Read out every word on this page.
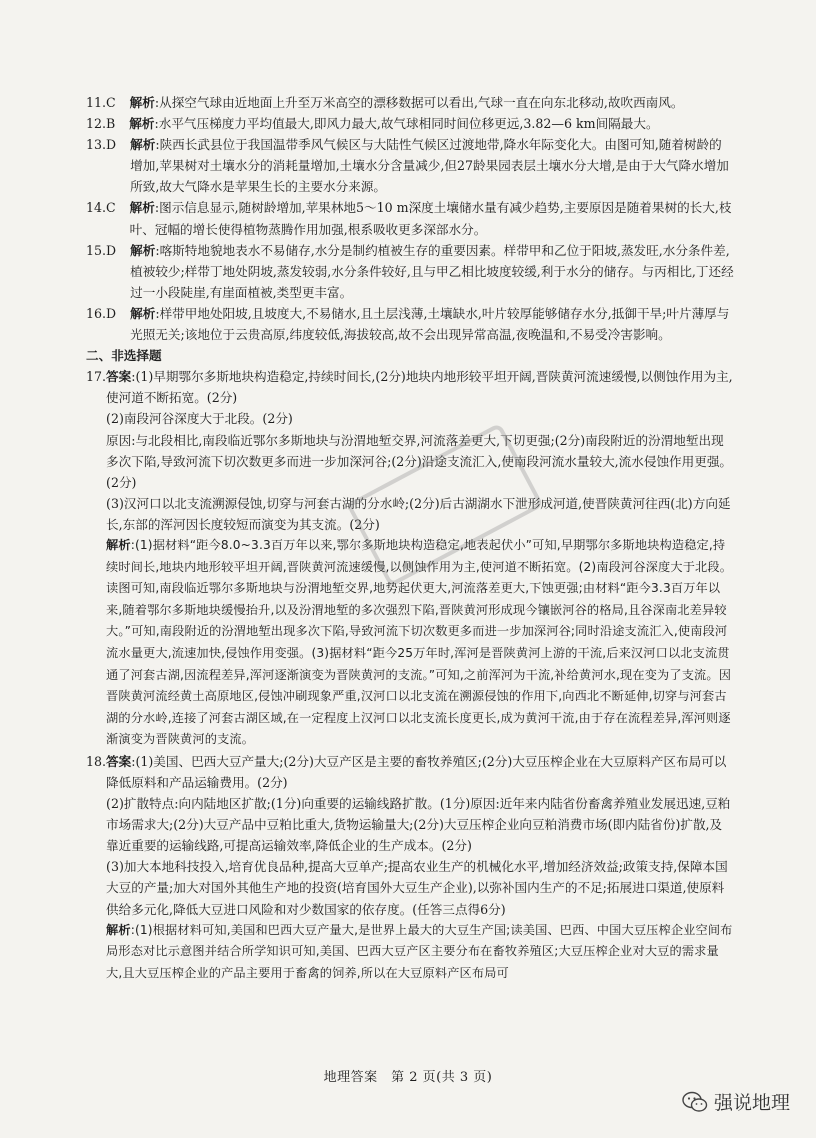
11.C 解析:从探空气球由近地面上升至万米高空的漂移数据可以看出,气球一直在向东北移动,故吹西南风。
12.B 解析:水平气压梯度力平均值最大,即风力最大,故气球相同时间位移更远,3.82—6 km间隔最大。
13.D 解析:陕西长武县位于我国温带季风气候区与大陆性气候区过渡地带,降水年际变化大。由图可知,随着树龄的增加,苹果树对土壤水分的消耗量增加,土壤水分含量减少,但27龄果园表层土壤水分大增,是由于大气降水增加所致,故大气降水是苹果生长的主要水分来源。
14.C 解析:图示信息显示,随树龄增加,苹果林地5～10 m深度土壤储水量有减少趋势,主要原因是随着果树的长大,枝叶、冠幅的增长使得植物蒸腾作用加强,根系吸收更多深部水分。
15.D 解析:喀斯特地貌地表水不易储存,水分是制约植被生存的重要因素。样带甲和乙位于阳坡,蒸发旺,水分条件差,植被较少;样带丁地处阴坡,蒸发较弱,水分条件较好,且与甲乙相比坡度较缓,利于水分的储存。与丙相比,丁还经过一小段陡崖,有崖面植被,类型更丰富。
16.D 解析:样带甲地处阳坡,且坡度大,不易储水,且土层浅薄,土壤缺水,叶片较厚能够储存水分,抵御干旱;叶片薄厚与光照无关;该地位于云贵高原,纬度较低,海拔较高,故不会出现异常高温,夜晚温和,不易受冷害影响。
二、非选择题
17. 答案:(1)早期鄂尔多斯地块构造稳定,持续时间长,(2分)地块内地形较平坦开阔,晋陕黄河流速缓慢,以侧蚀作用为主,使河道不断拓宽。(2分)
(2)南段河谷深度大于北段。(2分)
原因:与北段相比,南段临近鄂尔多斯地块与汾渭地堑交界,河流落差更大,下切更强;(2分)南段附近的汾渭地堑出现多次下陷,导致河流下切次数更多而进一步加深河谷;(2分)沿途支流汇入,使南段河流水量较大,流水侵蚀作用更强。(2分)
(3)汉河口以北支流溯源侵蚀,切穿与河套古湖的分水岭;(2分)后古湖湖水下泄形成河道,使晋陕黄河往西(北)方向延长,东部的浑河因长度较短而演变为其支流。(2分)
解析:(1)据材料“距今8.0~3.3百万年以来,鄂尔多斯地块构造稳定,地表起伏小”可知,早期鄂尔多斯地块构造稳定,持续时间长,地块内地形较平坦开阔,晋陕黄河流速缓慢,以侧蚀作用为主,使河道不断拓宽。(2)南段河谷深度大于北段。读图可知,南段临近鄂尔多斯地块与汾渭地堑交界,地势起伏更大,河流落差更大,下蚀更强;由材料“距今3.3百万年以来,随着鄂尔多斯地块缓慢抬升,以及汾渭地堑的多次强烈下陷,晋陕黄河形成现今镶嵌河谷的格局,且谷深南北差异较大。”可知,南段附近的汾渭地堑出现多次下陷,导致河流下切次数更多而进一步加深河谷;同时沿途支流汇入,使南段河流水量更大,流速加快,侵蚀作用变强。(3)据材料“距今25万年时,浑河是晋陕黄河上游的干流,后来汉河口以北支流贯通了河套古湖,因流程差异,浑河逐渐演变为晋陕黄河的支流。”可知,之前浑河为干流,补给黄河水,现在变为了支流。因晋陕黄河流经黄土高原地区,侵蚀冲刷现象严重,汉河口以北支流在溯源侵蚀的作用下,向西北不断延伸,切穿与河套古湖的分水岭,连接了河套古湖区域,在一定程度上汉河口以北支流长度更长,成为黄河干流,由于存在流程差异,浑河则逐渐演变为晋陕黄河的支流。
18. 答案:(1)美国、巴西大豆产量大;(2分)大豆产区是主要的畜牧养殖区;(2分)大豆压榨企业在大豆原料产区布局可以降低原料和产品运输费用。(2分)
(2)扩散特点:向内陆地区扩散;(1分)向重要的运输线路扩散。(1分)原因:近年来内陆省份畜禽养殖业发展迅速,豆粕市场需求大;(2分)大豆产品中豆粕比重大,货物运输量大;(2分)大豆压榨企业向豆粕消费市场(即内陆省份)扩散,及靠近重要的运输线路,可提高运输效率,降低企业的生产成本。(2分)
(3)加大本地科技投入,培育优良品种,提高大豆单产;提高农业生产的机械化水平,增加经济效益;政策支持,保障本国大豆的产量;加大对国外其他生产地的投资(培育国外大豆生产企业),以弥补国内生产的不足;拓展进口渠道,使原料供给多元化,降低大豆进口风险和对少数国家的依存度。(任答三点得6分)
解析:(1)根据材料可知,美国和巴西大豆产量大,是世界上最大的大豆生产国;读美国、巴西、中国大豆压榨企业空间布局形态对比示意图并结合所学知识可知,美国、巴西大豆产区主要分布在畜牧养殖区;大豆压榨企业对大豆的需求量大,且大豆压榨企业的产品主要用于畜禽的饲养,所以在大豆原料产区布局可
地理答案　第 2 页(共 3 页)
强说地理
